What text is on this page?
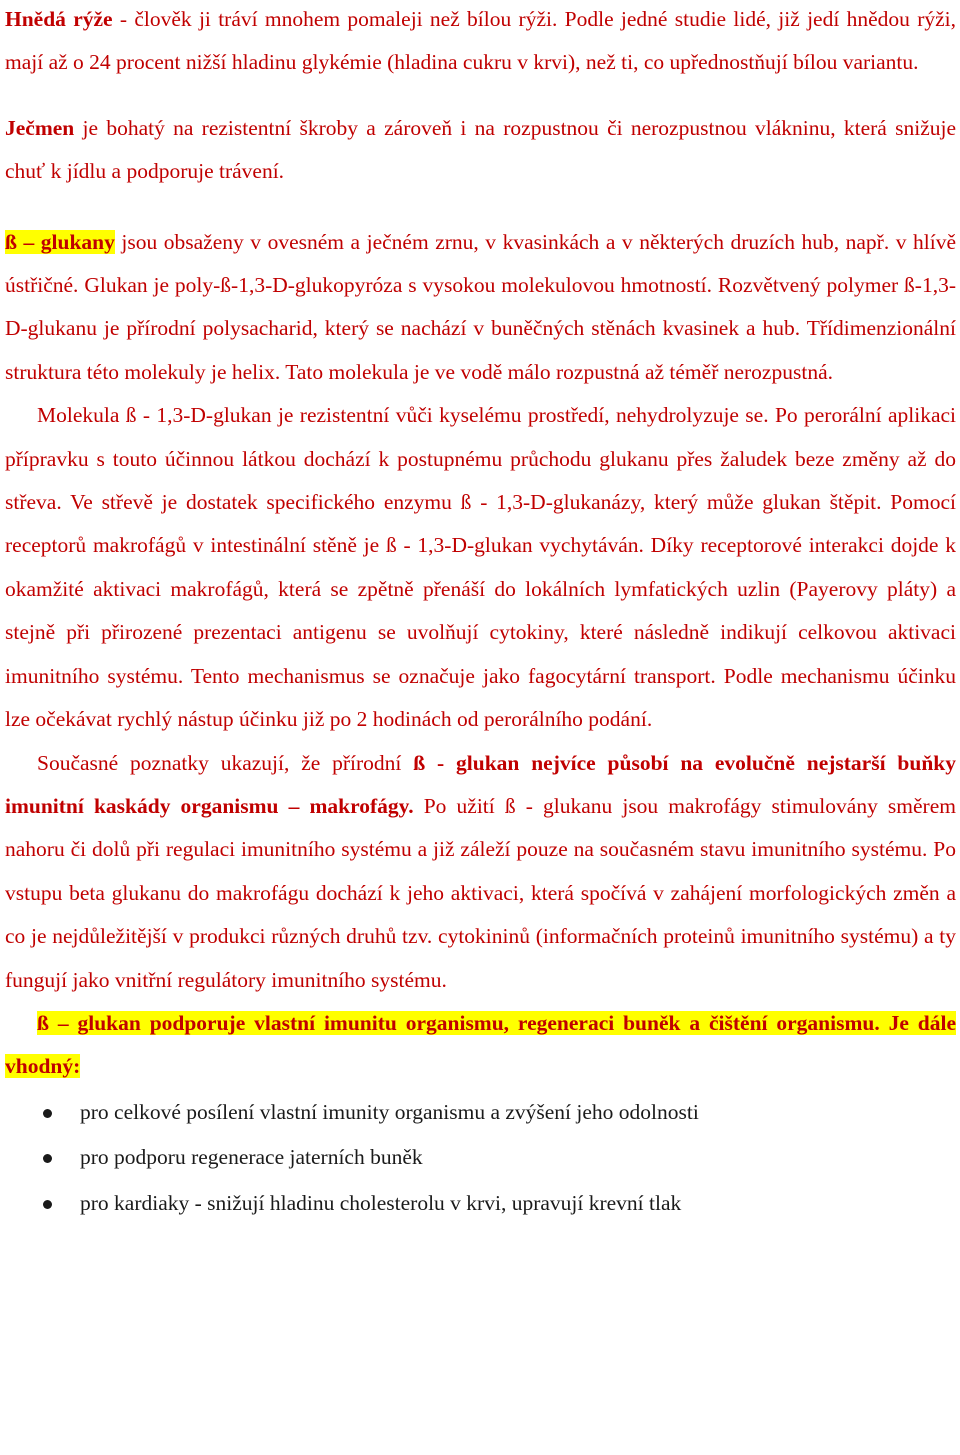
Hnědá rýže - člověk ji tráví mnohem pomaleji než bílou rýži. Podle jedné studie lidé, již jedí hnědou rýži, mají až o 24 procent nižší hladinu glykémie (hladina cukru v krvi), než ti, co upřednostňují bílou variantu.

Ječmen je bohatý na rezistentní škroby a zároveň i na rozpustnou či nerozpustnou vlákninu, která snižuje chuť k jídlu a podporuje trávení.

ß – glukany jsou obsaženy v ovesném a ječném zrnu, v kvasinkách a v některých druzích hub, např. v hlívě ústřičné. Glukan je poly-ß-1,3-D-glukopyróza s vysokou molekulovou hmotností. Rozvětvený polymer ß-1,3-D-glukanu je přírodní polysacharid, který se nachází v buněčných stěnách kvasinek a hub. Třídimenzionální struktura této molekuly je helix. Tato molekula je ve vodě málo rozpustná až téměř nerozpustná.

Molekula ß - 1,3-D-glukan je rezistentní vůči kyselému prostředí, nehydrolyzuje se. Po perorální aplikaci přípravku s touto účinnou látkou dochází k postupnému průchodu glukanu přes žaludek beze změny až do střeva. Ve střevě je dostatek specifického enzymu ß - 1,3-D-glukanázy, který může glukan štěpit. Pomocí receptorů makrofágů v intestinální stěně je ß - 1,3-D-glukan vychytáván. Díky receptorové interakci dojde k okamžité aktivaci makrofágů, která se zpětně přenáší do lokálních lymfatických uzlin (Payerovy pláty) a stejně při přirozené prezentaci antigenu se uvolňují cytokiny, které následně indikují celkovou aktivaci imunitního systému. Tento mechanismus se označuje jako fagocytární transport. Podle mechanismu účinku lze očekávat rychlý nástup účinku již po 2 hodinách od perorálního podání.

Současné poznatky ukazují, že přírodní ß - glukan nejvíce působí na evolučně nejstarší buňky imunitní kaskády organismu – makrofágy. Po užití ß - glukanu jsou makrofágy stimulovány směrem nahoru či dolů při regulaci imunitního systému a již záleží pouze na současném stavu imunitního systému. Po vstupu beta glukanu do makrofágu dochází k jeho aktivaci, která spočívá v zahájení morfologických změn a co je nejdůležitější v produkci různých druhů tzv. cytokininů (informačních proteinů imunitního systému) a ty fungují jako vnitřní regulátory imunitního systému.

ß – glukan podporuje vlastní imunitu organismu, regeneraci buněk a čištění organismu. Je dále vhodný:

pro celkové posílení vlastní imunity organismu a zvýšení jeho odolnosti
pro podporu regenerace jaterních buněk
pro kardiaky - snižují hladinu cholesterolu v krvi, upravují krevní tlak
